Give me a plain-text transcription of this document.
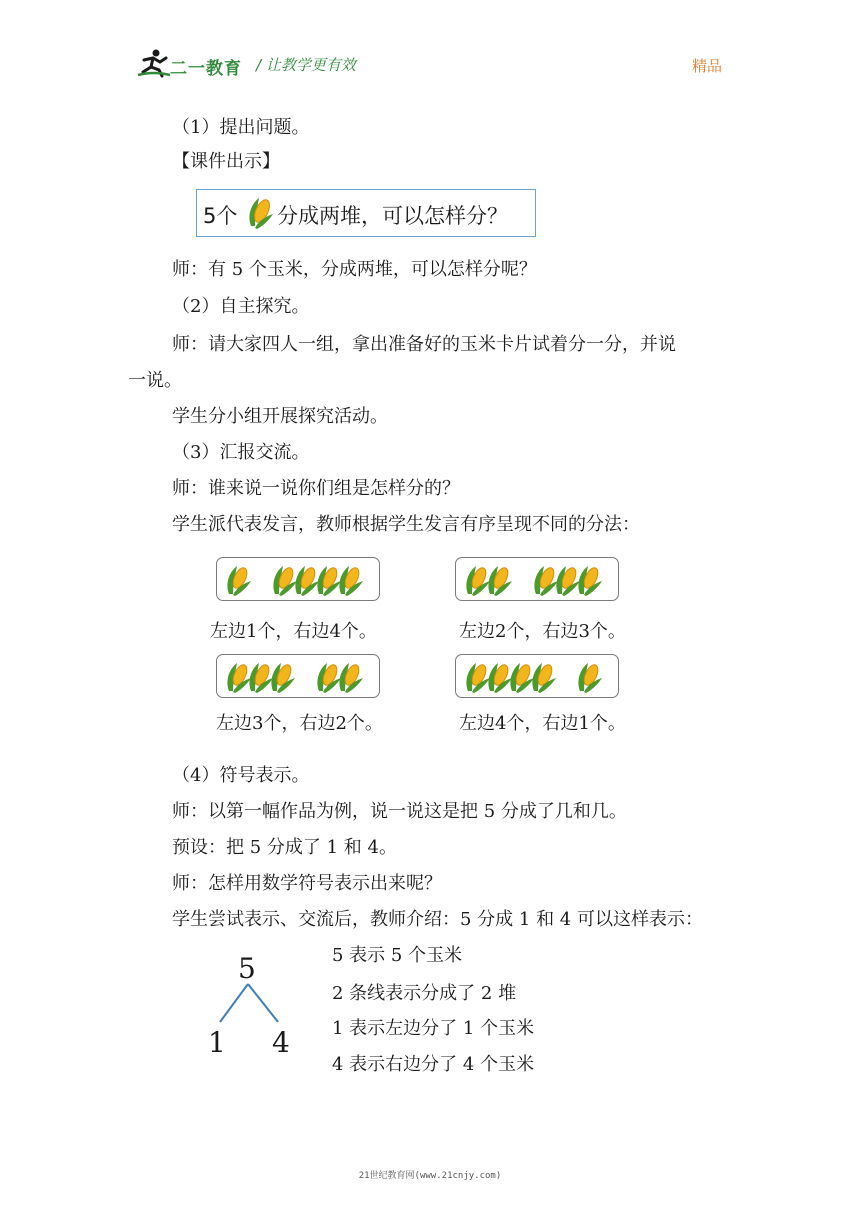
二一教育 / 让教学更有效	精品
（1）提出问题。
【课件出示】
5个 分成两堆，可以怎样分？
师：有 5 个玉米，分成两堆，可以怎样分呢？
（2）自主探究。
师：请大家四人一组，拿出准备好的玉米卡片试着分一分，并说
一说。
学生分小组开展探究活动。
（3）汇报交流。
师：谁来说一说你们组是怎样分的？
学生派代表发言，教师根据学生发言有序呈现不同的分法：
左边1个，右边4个。	左边2个，右边3个。
左边3个，右边2个。	左边4个，右边1个。
（4）符号表示。
师：以第一幅作品为例，说一说这是把 5 分成了几和几。
预设：把 5 分成了 1 和 4。
师：怎样用数学符号表示出来呢？
学生尝试表示、交流后，教师介绍：5 分成 1 和 4 可以这样表示：
5
1 4
5 表示 5 个玉米
2 条线表示分成了 2 堆
1 表示左边分了 1 个玉米
4 表示右边分了 4 个玉米
21世纪教育网(www.21cnjy.com)
